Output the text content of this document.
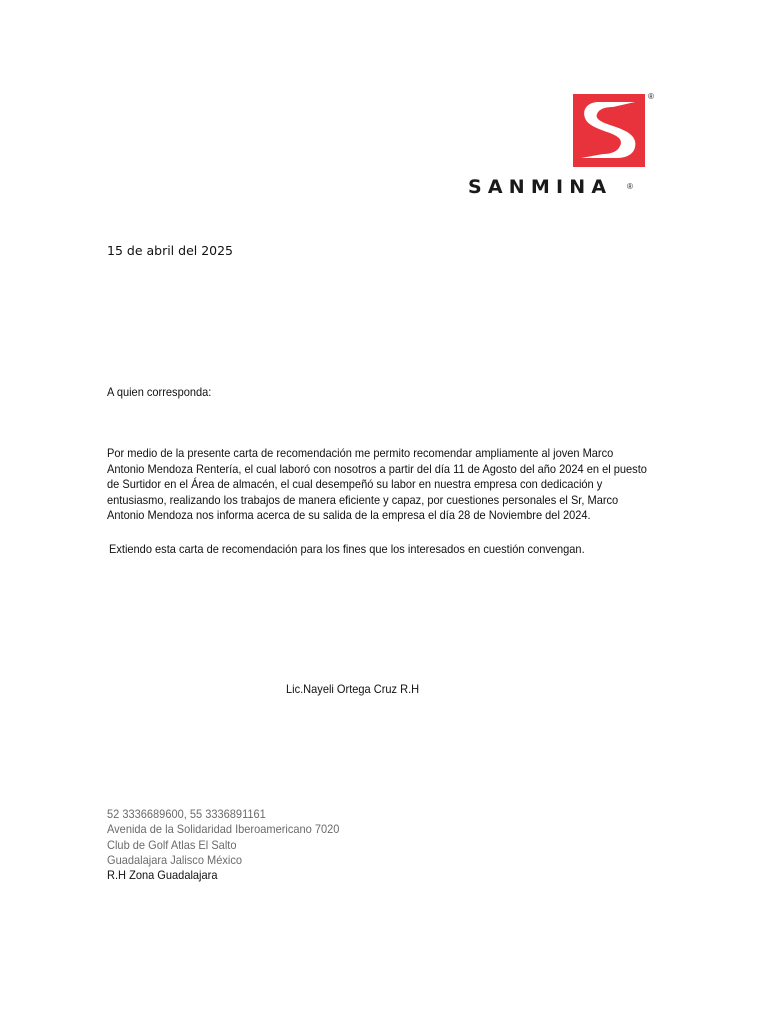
®
SANMINA ®
15 de abril del 2025
A quien corresponda:
Por medio de la presente carta de recomendación me permito recomendar ampliamente al joven Marco Antonio Mendoza Rentería, el cual laboró con nosotros a partir del día 11 de Agosto del año 2024 en el puesto de Surtidor en el Área de almacén, el cual desempeñó su labor en nuestra empresa con dedicación y entusiasmo, realizando los trabajos de manera eficiente y capaz, por cuestiones personales el Sr, Marco Antonio Mendoza nos informa acerca de su salida de la empresa el día 28 de Noviembre del 2024.
Extiendo esta carta de recomendación para los fines que los interesados en cuestión convengan.
Lic.Nayeli Ortega Cruz R.H
52 3336689600, 55 3336891161
Avenida de la Solidaridad Iberoamericano 7020
Club de Golf Atlas El Salto
Guadalajara Jalisco México
R.H Zona Guadalajara
